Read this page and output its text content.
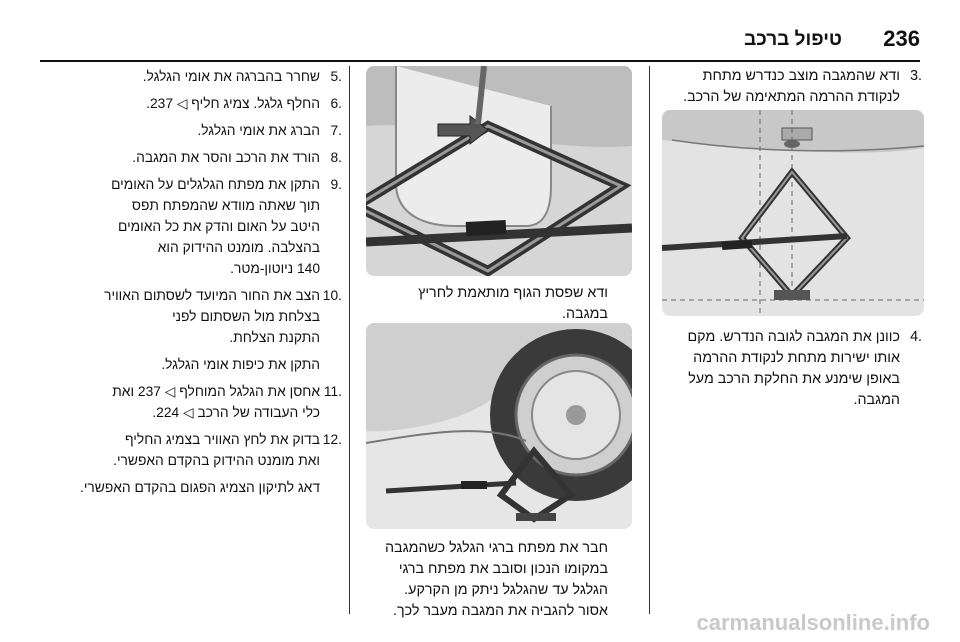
236
טיפול ברכב
.3

ודא שהמגבה מוצב כנדרש מתחת

לנקודת ההרמה המתאימה של הרכב.

.4

כוונן את המגבה לגובה הנדרש. מקם

אותו ישירות מתחת לנקודת ההרמה

באופן שימנע את החלקת הרכב מעל

המגבה.

ודא שפסת הגוף מותאמת לחריץ

במגבה.

חבר את מפתח ברגי הגלגל כשהמגבה

במקומו הנכון וסובב את מפתח ברגי

הגלגל עד שהגלגל ניתק מן הקרקע.

אסור להגביה את המגבה מעבר לכך.

.5

שחרר בהברגה את אומי הגלגל.

.6

החלף גלגל. צמיג חליף ◁ 237.

.7

הברג את אומי הגלגל.

.8

הורד את הרכב והסר את המגבה.

.9

התקן את מפתח הגלגלים על האומים

תוך שאתה מוודא שהמפתח תפס

היטב על האום והדק את כל האומים

בהצלבה. מומנט ההידוק הוא

140 ניוטון-מטר.

.10

הצב את החור המיועד לשסתום האוויר

בצלחת מול השסתום לפני

התקנת הצלחת.

התקן את כיפות אומי הגלגל.

.11

אחסן את הגלגל המוחלף ◁ 237 ואת

כלי העבודה של הרכב ◁ 224.

.12

בדוק את לחץ האוויר בצמיג החליף

ואת מומנט ההידוק בהקדם האפשרי.

דאג לתיקון הצמיג הפגום בהקדם האפשרי.

carmanualsonline.info
